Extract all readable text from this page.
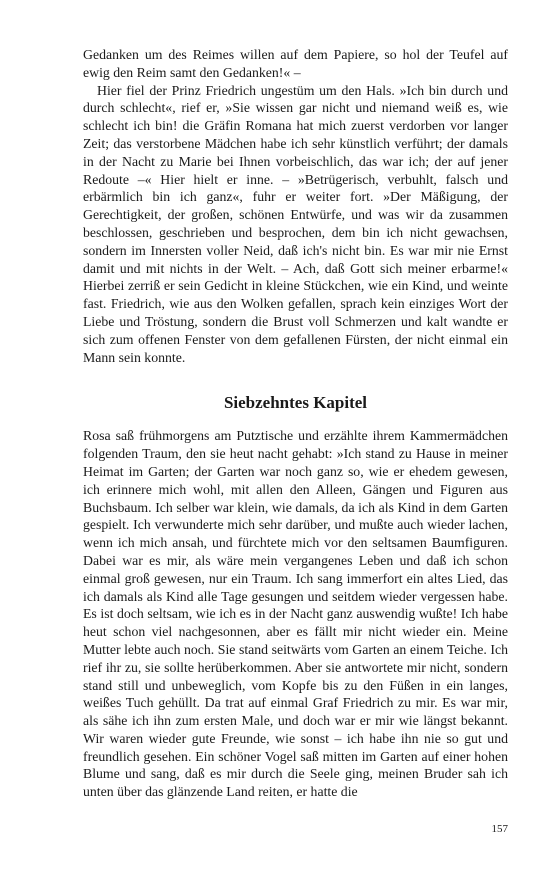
Gedanken um des Reimes willen auf dem Papiere, so hol der Teufel auf ewig den Reim samt den Gedanken!« –

Hier fiel der Prinz Friedrich ungestüm um den Hals. »Ich bin durch und durch schlecht«, rief er, »Sie wissen gar nicht und niemand weiß es, wie schlecht ich bin! die Gräfin Romana hat mich zuerst verdorben vor langer Zeit; das verstorbene Mädchen habe ich sehr künstlich verführt; der damals in der Nacht zu Marie bei Ihnen vorbeischlich, das war ich; der auf jener Redoute –« Hier hielt er inne. – »Betrügerisch, verbuhlt, falsch und erbärmlich bin ich ganz«, fuhr er weiter fort. »Der Mäßigung, der Gerechtigkeit, der großen, schönen Entwürfe, und was wir da zusammen beschlossen, geschrieben und besprochen, dem bin ich nicht gewachsen, sondern im Innersten voller Neid, daß ich's nicht bin. Es war mir nie Ernst damit und mit nichts in der Welt. – Ach, daß Gott sich meiner erbarme!« Hierbei zerriß er sein Gedicht in kleine Stückchen, wie ein Kind, und weinte fast. Friedrich, wie aus den Wolken gefallen, sprach kein einziges Wort der Liebe und Tröstung, sondern die Brust voll Schmerzen und kalt wandte er sich zum offenen Fenster von dem gefallenen Fürsten, der nicht einmal ein Mann sein konnte.

Siebzehntes Kapitel

Rosa saß frühmorgens am Putztische und erzählte ihrem Kammermädchen folgenden Traum, den sie heut nacht gehabt: »Ich stand zu Hause in meiner Heimat im Garten; der Garten war noch ganz so, wie er ehedem gewesen, ich erinnere mich wohl, mit allen den Alleen, Gängen und Figuren aus Buchsbaum. Ich selber war klein, wie damals, da ich als Kind in dem Garten gespielt. Ich verwunderte mich sehr darüber, und mußte auch wieder lachen, wenn ich mich ansah, und fürchtete mich vor den seltsamen Baumfiguren. Dabei war es mir, als wäre mein vergangenes Leben und daß ich schon einmal groß gewesen, nur ein Traum. Ich sang immerfort ein altes Lied, das ich damals als Kind alle Tage gesungen und seitdem wieder vergessen habe. Es ist doch seltsam, wie ich es in der Nacht ganz auswendig wußte! Ich habe heut schon viel nachgesonnen, aber es fällt mir nicht wieder ein. Meine Mutter lebte auch noch. Sie stand seitwärts vom Garten an einem Teiche. Ich rief ihr zu, sie sollte herüberkommen. Aber sie antwortete mir nicht, sondern stand still und unbeweglich, vom Kopfe bis zu den Füßen in ein langes, weißes Tuch gehüllt. Da trat auf einmal Graf Friedrich zu mir. Es war mir, als sähe ich ihn zum ersten Male, und doch war er mir wie längst bekannt. Wir waren wieder gute Freunde, wie sonst – ich habe ihn nie so gut und freundlich gesehen. Ein schöner Vogel saß mitten im Garten auf einer hohen Blume und sang, daß es mir durch die Seele ging, meinen Bruder sah ich unten über das glänzende Land reiten, er hatte die

157
